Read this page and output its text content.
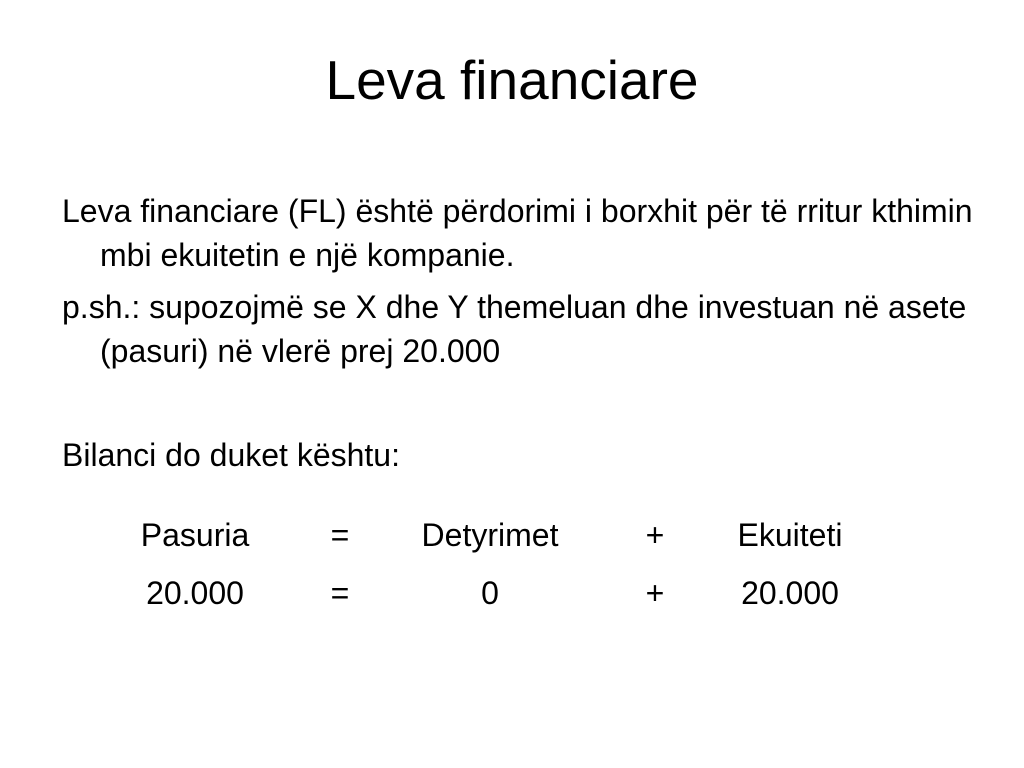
Leva financiare

Leva financiare (FL) është përdorimi i borxhit për të rritur kthimin mbi ekuitetin e një kompanie.

p.sh.: supozojmë se X dhe Y themeluan dhe investuan në asete (pasuri) në vlerë prej 20.000

Bilanci do duket kështu:

Pasuria	=	Detyrimet	+	Ekuiteti
20.000	=	0	+	20.000
